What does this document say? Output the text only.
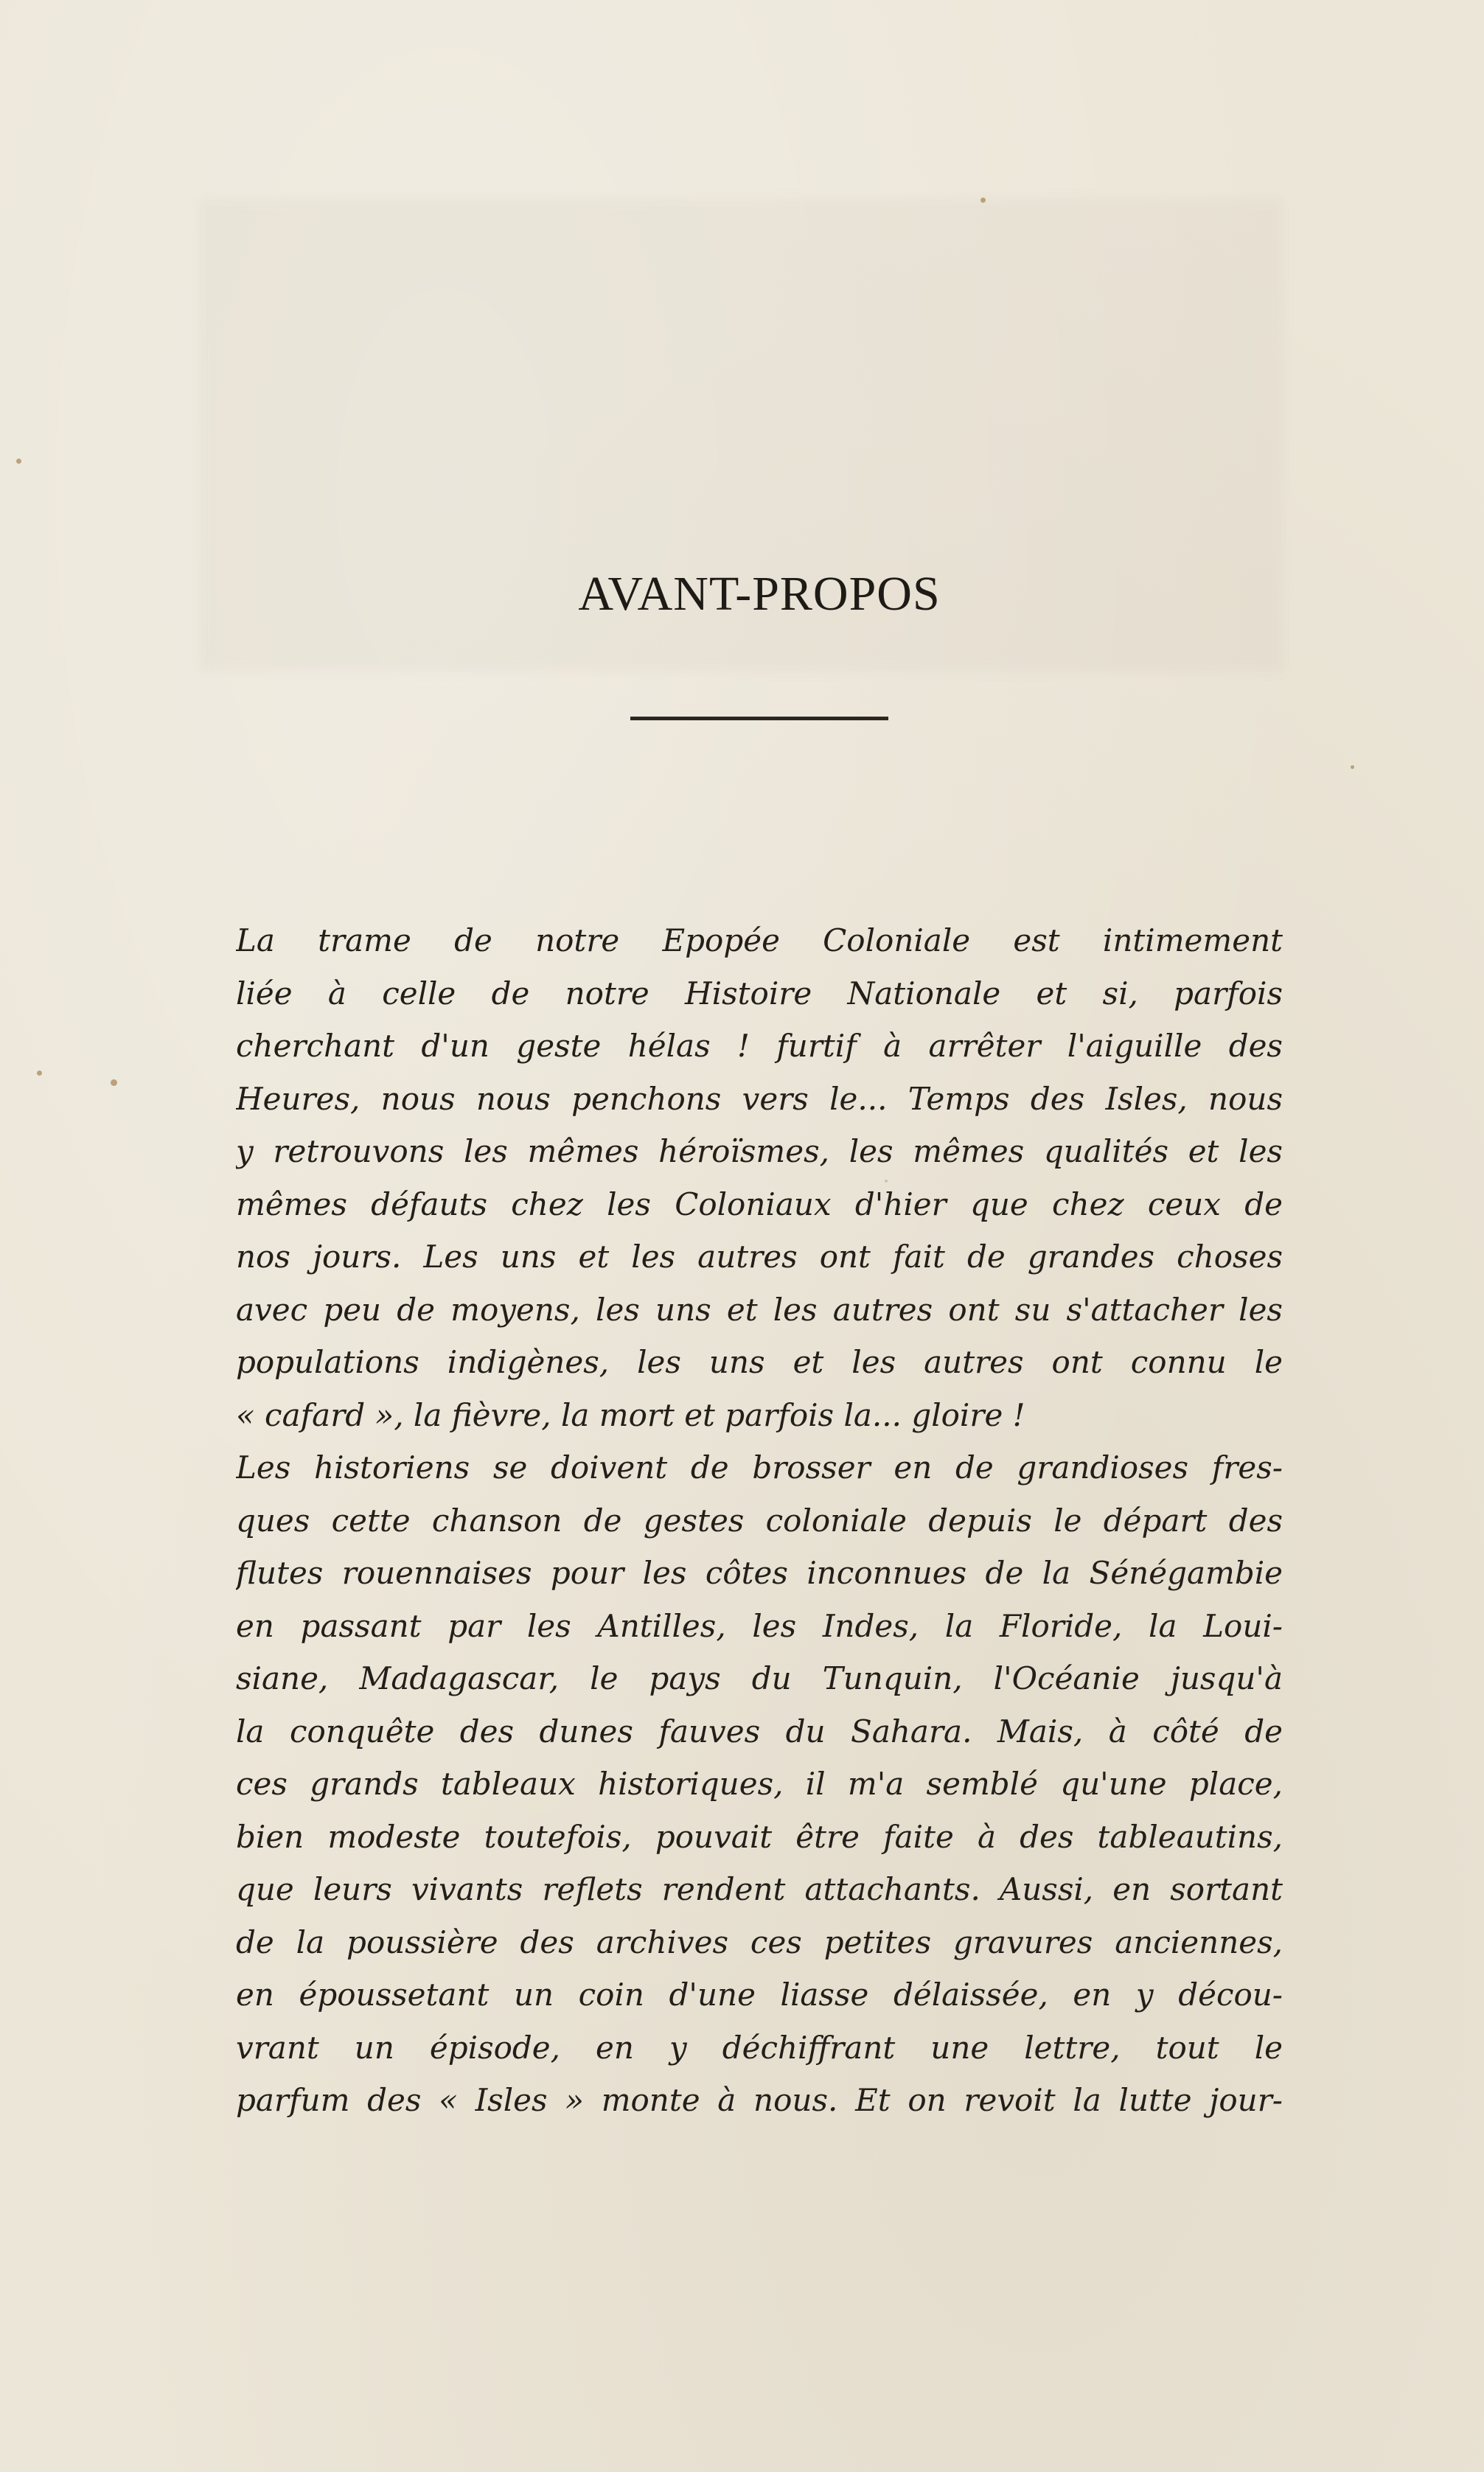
AVANT-PROPOS

La trame de notre Epopée Coloniale est intimement

liée à celle de notre Histoire Nationale et si, parfois

cherchant d'un geste hélas ! furtif à arrêter l'aiguille des

Heures, nous nous penchons vers le... Temps des Isles, nous

y retrouvons les mêmes héroïsmes, les mêmes qualités et les

mêmes défauts chez les Coloniaux d'hier que chez ceux de

nos jours. Les uns et les autres ont fait de grandes choses

avec peu de moyens, les uns et les autres ont su s'attacher les

populations indigènes, les uns et les autres ont connu le

« cafard », la fièvre, la mort et parfois la... gloire !

Les historiens se doivent de brosser en de grandioses fres-

ques cette chanson de gestes coloniale depuis le départ des

flutes rouennaises pour les côtes inconnues de la Sénégambie

en passant par les Antilles, les Indes, la Floride, la Loui-

siane, Madagascar, le pays du Tunquin, l'Océanie jusqu'à

la conquête des dunes fauves du Sahara. Mais, à côté de

ces grands tableaux historiques, il m'a semblé qu'une place,

bien modeste toutefois, pouvait être faite à des tableautins,

que leurs vivants reflets rendent attachants. Aussi, en sortant

de la poussière des archives ces petites gravures anciennes,

en époussetant un coin d'une liasse délaissée, en y décou-

vrant un épisode, en y déchiffrant une lettre, tout le

parfum des « Isles » monte à nous. Et on revoit la lutte jour-
